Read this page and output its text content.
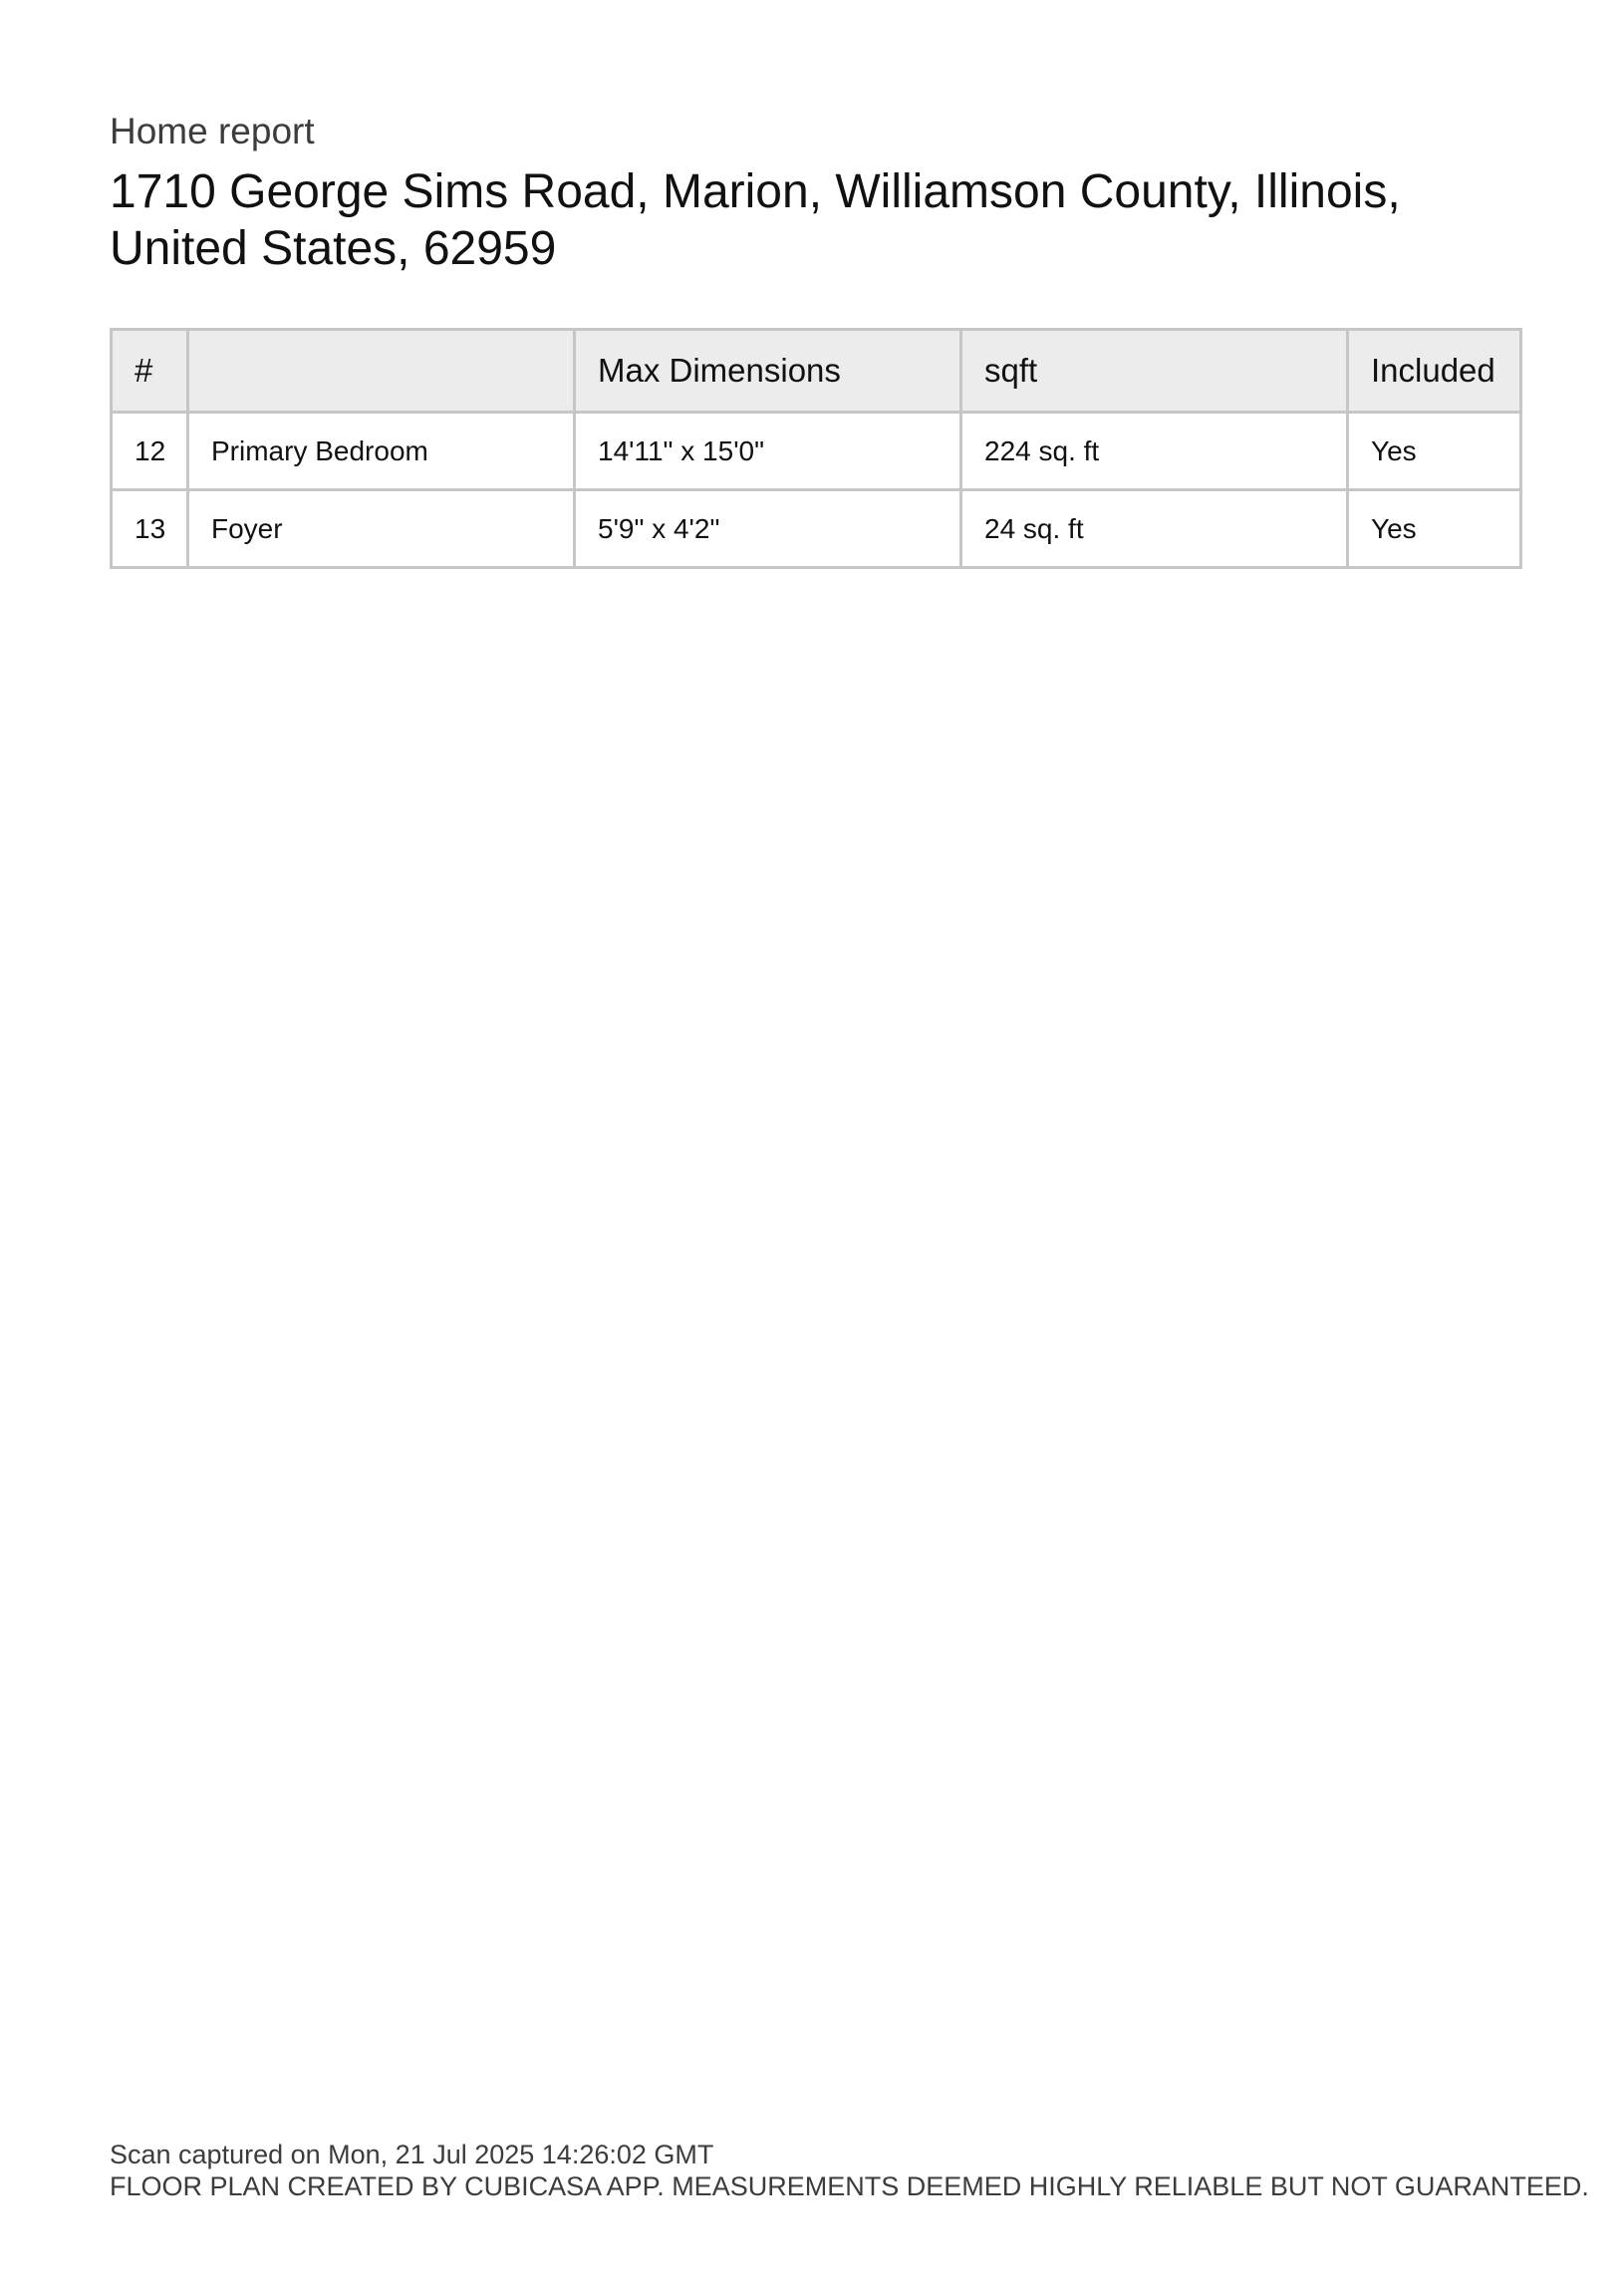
Home report
1710 George Sims Road, Marion, Williamson County, Illinois, United States, 62959
#		Max Dimensions	sqft	Included
12	Primary Bedroom	14'11" x 15'0"	224 sq. ft	Yes
13	Foyer	5'9" x 4'2"	24 sq. ft	Yes
Scan captured on Mon, 21 Jul 2025 14:26:02 GMT
FLOOR PLAN CREATED BY CUBICASA APP. MEASUREMENTS DEEMED HIGHLY RELIABLE BUT NOT GUARANTEED.
